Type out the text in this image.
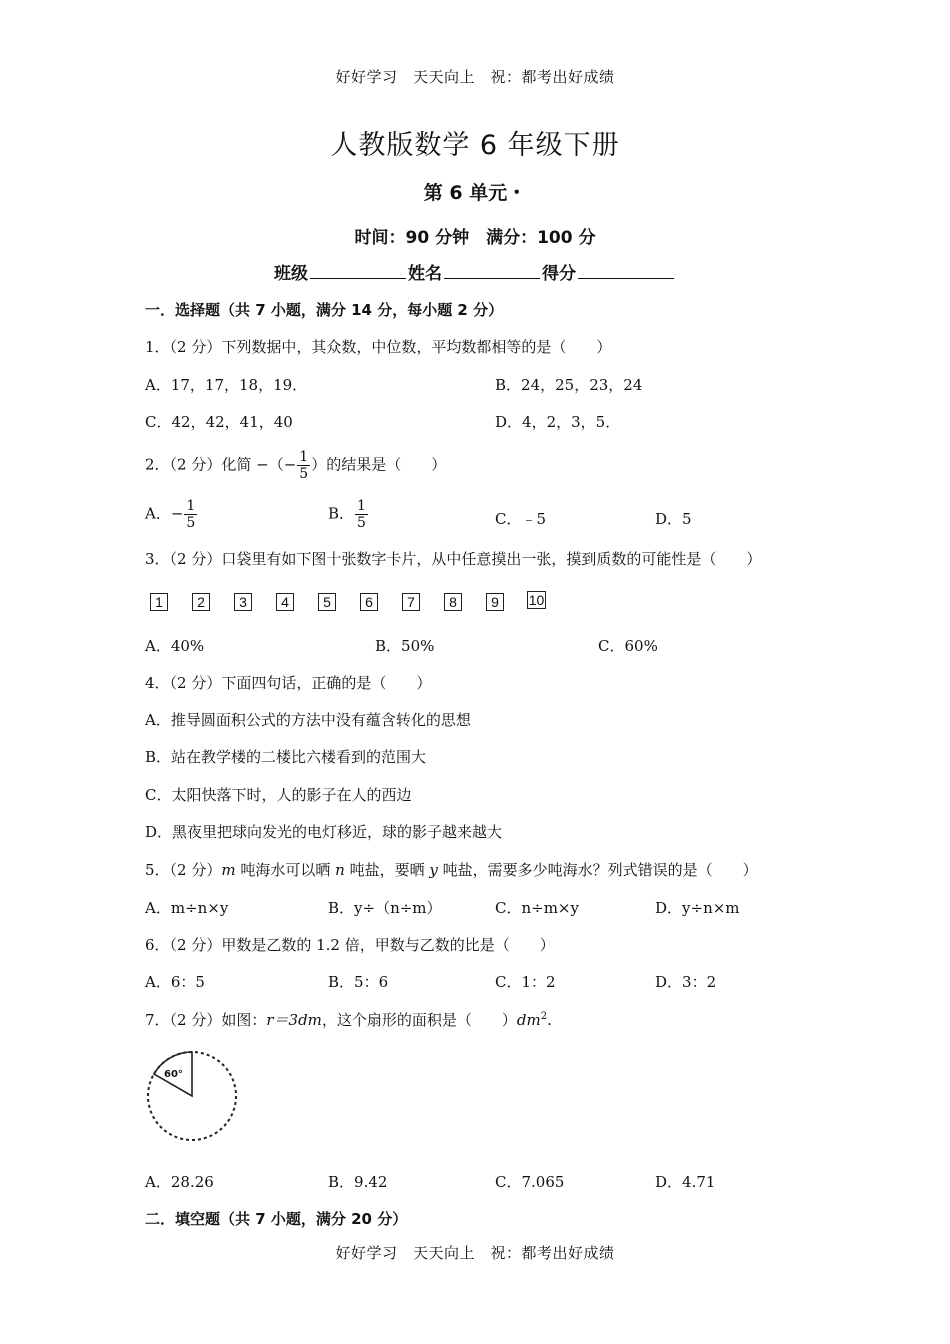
好好学习　天天向上　祝：都考出好成绩
人教版数学 6 年级下册
第 6 单元・
时间：90 分钟　满分：100 分
班级	姓名	得分
一．选择题（共 7 小题，满分 14 分，每小题 2 分）
1．（2 分）下列数据中，其众数，中位数，平均数都相等的是（　　）
A．17，17，18，19．	B．24，25，23，24
C．42，42，41，40	D．4，2，3，5．
2．（2 分）化简 −（− $\frac{1}{5}$ ）的结果是（　　）
A．− $\frac{1}{5}$	B． $\frac{1}{5}$	C．﹣5	D．5
3．（2 分）口袋里有如下图十张数字卡片，从中任意摸出一张，摸到质数的可能性是（　　）
1	2	3	4	5	6	7	8	9	10
A．40%	B．50%	C．60%
4．（2 分）下面四句话，正确的是（　　）
A．推导圆面积公式的方法中没有蕴含转化的思想
B．站在教学楼的二楼比六楼看到的范围大
C．太阳快落下时，人的影子在人的西边
D．黑夜里把球向发光的电灯移近，球的影子越来越大
5．（2 分）m 吨海水可以晒 n 吨盐，要晒 y 吨盐，需要多少吨海水？列式错误的是（　　）
A．m÷n×y	B．y÷（n÷m）	C．n÷m×y	D．y÷n×m
6．（2 分）甲数是乙数的 1.2 倍，甲数与乙数的比是（　　）
A．6：5	B．5：6	C．1：2	D．3：2
7．（2 分）如图：r＝3dm，这个扇形的面积是（　　）$dm^2$.
60°
A．28.26	B．9.42	C．7.065	D．4.71
二．填空题（共 7 小题，满分 20 分）
好好学习　天天向上　祝：都考出好成绩
